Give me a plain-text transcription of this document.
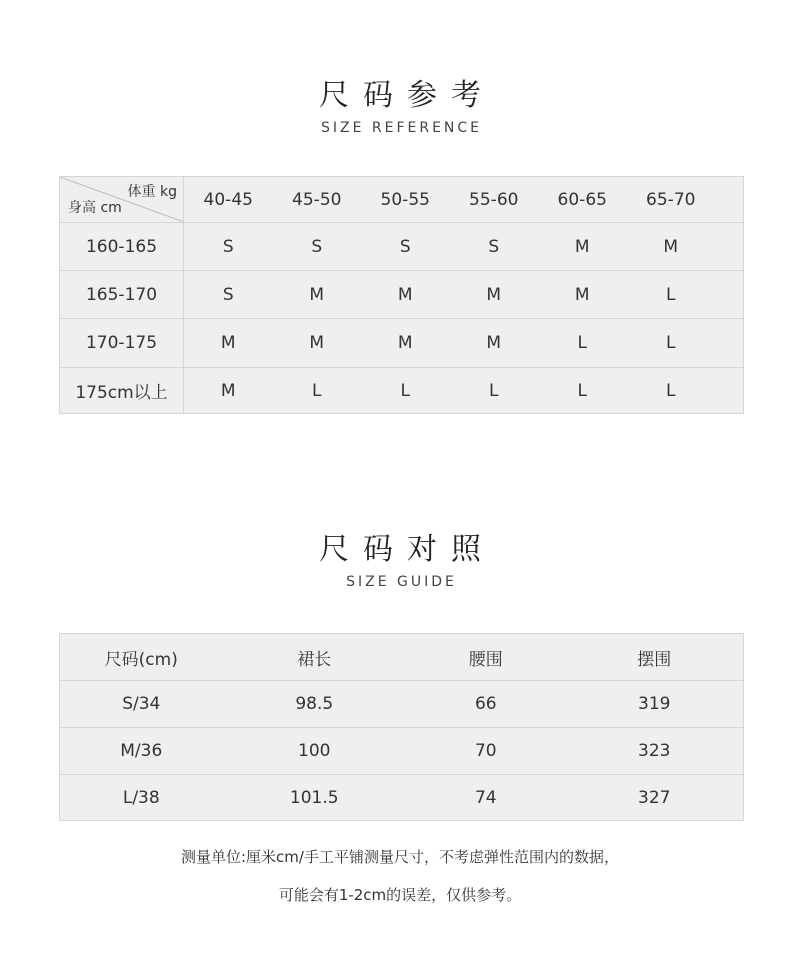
尺码参考
SIZE REFERENCE
体重 kg
身高 cm	40-45	45-50	50-55	55-60	60-65	65-70
160-165	S	S	S	S	M	M
165-170	S	M	M	M	M	L
170-175	M	M	M	M	L	L
175cm以上	M	L	L	L	L	L
尺码对照
SIZE GUIDE
尺码(cm)	裙长	腰围	摆围
S/34	98.5	66	319
M/36	100	70	323
L/38	101.5	74	327
测量单位:厘米cm/手工平铺测量尺寸，不考虑弹性范围内的数据，
可能会有1-2cm的误差，仅供参考。
